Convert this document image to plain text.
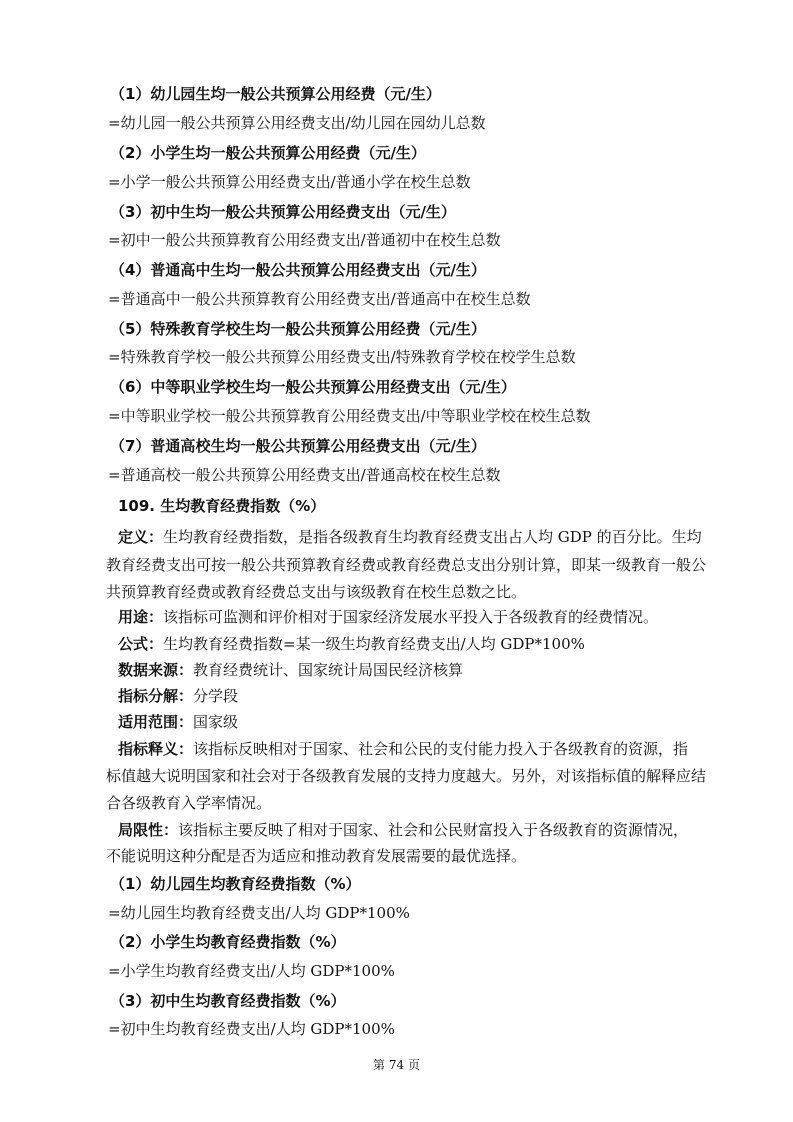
（1）幼儿园生均一般公共预算公用经费（元/生）
=幼儿园一般公共预算公用经费支出/幼儿园在园幼儿总数
（2）小学生均一般公共预算公用经费（元/生）
=小学一般公共预算公用经费支出/普通小学在校生总数
（3）初中生均一般公共预算公用经费支出（元/生）
=初中一般公共预算教育公用经费支出/普通初中在校生总数
（4）普通高中生均一般公共预算公用经费支出（元/生）
=普通高中一般公共预算教育公用经费支出/普通高中在校生总数
（5）特殊教育学校生均一般公共预算公用经费（元/生）
=特殊教育学校一般公共预算公用经费支出/特殊教育学校在校学生总数
（6）中等职业学校生均一般公共预算公用经费支出（元/生）
=中等职业学校一般公共预算教育公用经费支出/中等职业学校在校生总数
（7）普通高校生均一般公共预算公用经费支出（元/生）
=普通高校一般公共预算公用经费支出/普通高校在校生总数
109. 生均教育经费指数（%）
定义：生均教育经费指数，是指各级教育生均教育经费支出占人均 GDP 的百分比。生均
教育经费支出可按一般公共预算教育经费或教育经费总支出分别计算，即某一级教育一般公
共预算教育经费或教育经费总支出与该级教育在校生总数之比。
用途：该指标可监测和评价相对于国家经济发展水平投入于各级教育的经费情况。
公式：生均教育经费指数=某一级生均教育经费支出/人均 GDP*100%
数据来源：教育经费统计、国家统计局国民经济核算
指标分解：分学段
适用范围：国家级
指标释义：该指标反映相对于国家、社会和公民的支付能力投入于各级教育的资源，指
标值越大说明国家和社会对于各级教育发展的支持力度越大。另外，对该指标值的解释应结
合各级教育入学率情况。
局限性：该指标主要反映了相对于国家、社会和公民财富投入于各级教育的资源情况，
不能说明这种分配是否为适应和推动教育发展需要的最优选择。
（1）幼儿园生均教育经费指数（%）
=幼儿园生均教育经费支出/人均 GDP*100%
（2）小学生均教育经费指数（%）
=小学生均教育经费支出/人均 GDP*100%
（3）初中生均教育经费指数（%）
=初中生均教育经费支出/人均 GDP*100%
第 74 页
